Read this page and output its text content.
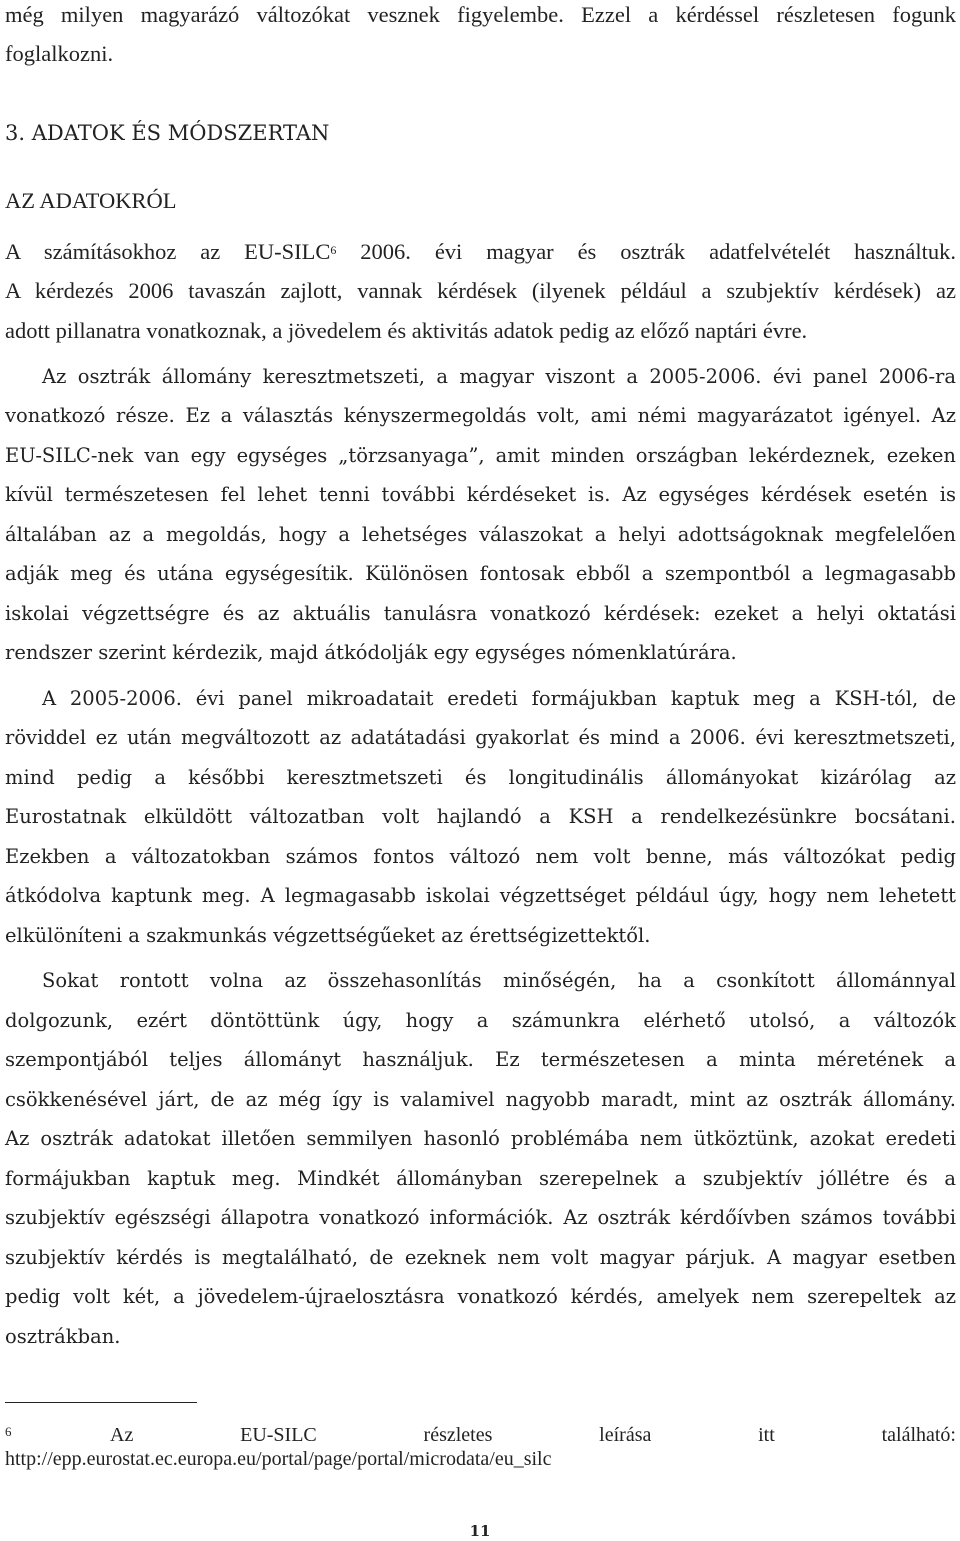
még milyen magyarázó változókat vesznek figyelembe. Ezzel a kérdéssel részletesen fogunk
foglalkozni.
3. ADATOK ÉS MÓDSZERTAN
AZ ADATOKRÓL
A számításokhoz az EU-SILC$^6$ 2006. évi magyar és osztrák adatfelvételét használtuk.
A kérdezés 2006 tavaszán zajlott, vannak kérdések (ilyenek például a szubjektív kérdések) az
adott pillanatra vonatkoznak, a jövedelem és aktivitás adatok pedig az előző naptári évre.
Az osztrák állomány keresztmetszeti, a magyar viszont a 2005-2006. évi panel 2006-ra
vonatkozó része. Ez a választás kényszermegoldás volt, ami némi magyarázatot igényel. Az
EU-SILC-nek van egy egységes „törzsanyaga”, amit minden országban lekérdeznek, ezeken
kívül természetesen fel lehet tenni további kérdéseket is. Az egységes kérdések esetén is
általában az a megoldás, hogy a lehetséges válaszokat a helyi adottságoknak megfelelően
adják meg és utána egységesítik. Különösen fontosak ebből a szempontból a legmagasabb
iskolai végzettségre és az aktuális tanulásra vonatkozó kérdések: ezeket a helyi oktatási
rendszer szerint kérdezik, majd átkódolják egy egységes nómenklatúrára.
A 2005-2006. évi panel mikroadatait eredeti formájukban kaptuk meg a KSH-tól, de
röviddel ez után megváltozott az adatátadási gyakorlat és mind a 2006. évi keresztmetszeti,
mind pedig a későbbi keresztmetszeti és longitudinális állományokat kizárólag az
Eurostatnak elküldött változatban volt hajlandó a KSH a rendelkezésünkre bocsátani.
Ezekben a változatokban számos fontos változó nem volt benne, más változókat pedig
átkódolva kaptunk meg. A legmagasabb iskolai végzettséget például úgy, hogy nem lehetett
elkülöníteni a szakmunkás végzettségűeket az érettségizettektől.
Sokat rontott volna az összehasonlítás minőségén, ha a csonkított állománnyal
dolgozunk, ezért döntöttünk úgy, hogy a számunkra elérhető utolsó, a változók
szempontjából teljes állományt használjuk. Ez természetesen a minta méretének a
csökkenésével járt, de az még így is valamivel nagyobb maradt, mint az osztrák állomány.
Az osztrák adatokat illetően semmilyen hasonló problémába nem ütköztünk, azokat eredeti
formájukban kaptuk meg. Mindkét állományban szerepelnek a szubjektív jóllétre és a
szubjektív egészségi állapotra vonatkozó információk. Az osztrák kérdőívben számos további
szubjektív kérdés is megtalálható, de ezeknek nem volt magyar párjuk. A magyar esetben
pedig volt két, a jövedelem-újraelosztásra vonatkozó kérdés, amelyek nem szerepeltek az
osztrákban.
6	Az EU-SILC részletes leírása itt található:
http://epp.eurostat.ec.europa.eu/portal/page/portal/microdata/eu_silc
11
